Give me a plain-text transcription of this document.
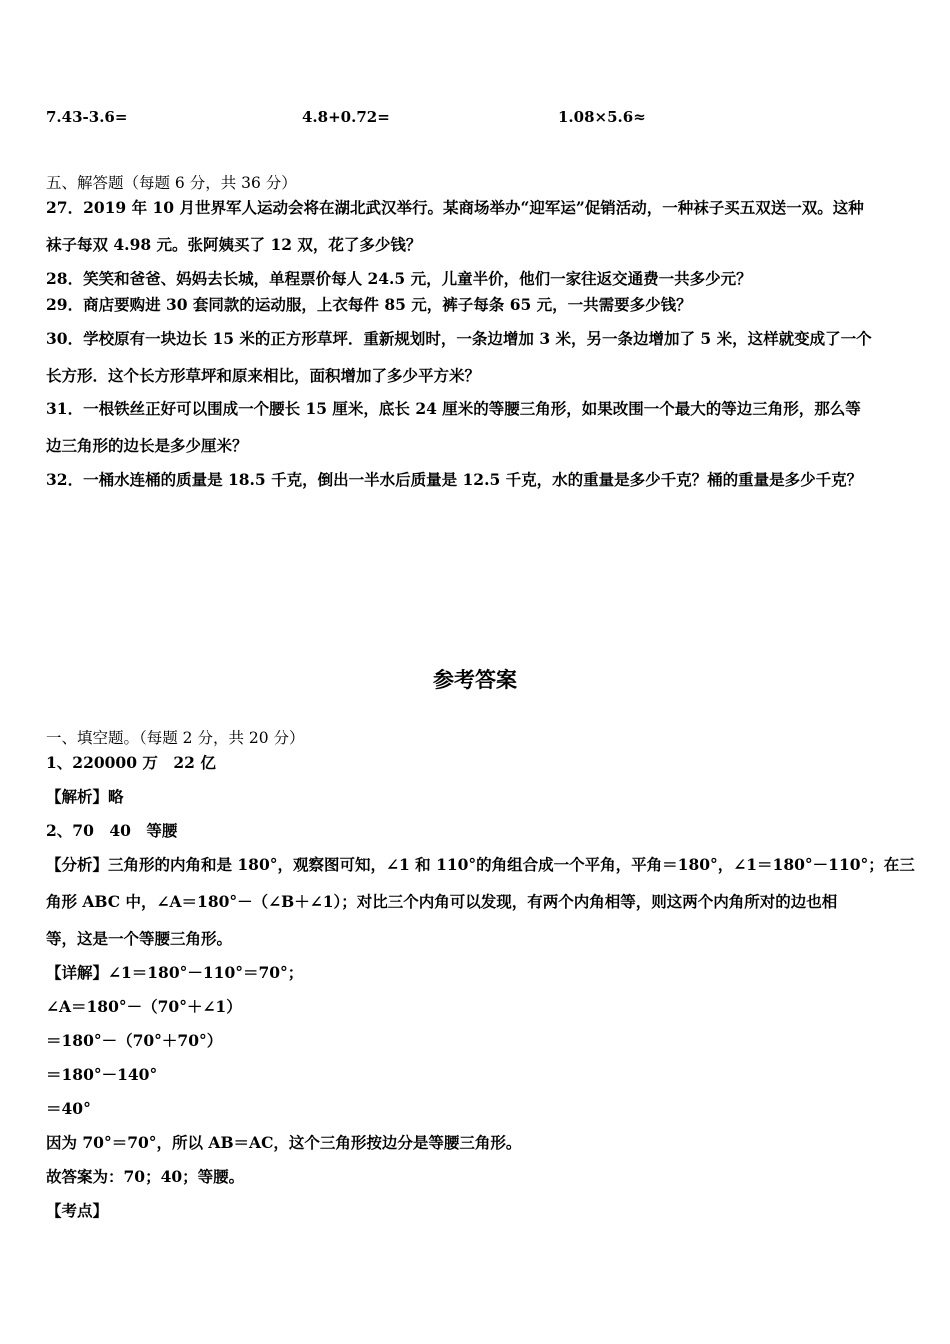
7.43-3.6=	4.8+0.72=	1.08×5.6≈
五、解答题（每题 6 分，共 36 分）
27．2019 年 10 月世界军人运动会将在湖北武汉举行。某商场举办“迎军运”促销活动，一种袜子买五双送一双。这种
袜子每双 4.98 元。张阿姨买了 12 双，花了多少钱？
28．笑笑和爸爸、妈妈去长城，单程票价每人 24.5 元，儿童半价，他们一家往返交通费一共多少元？
29．商店要购进 30 套同款的运动服，上衣每件 85 元，裤子每条 65 元，一共需要多少钱？
30．学校原有一块边长 15 米的正方形草坪．重新规划时，一条边增加 3 米，另一条边增加了 5 米，这样就变成了一个
长方形．这个长方形草坪和原来相比，面积增加了多少平方米？
31．一根铁丝正好可以围成一个腰长 15 厘米，底长 24 厘米的等腰三角形，如果改围一个最大的等边三角形，那么等
边三角形的边长是多少厘米？
32．一桶水连桶的质量是 18.5 千克，倒出一半水后质量是 12.5 千克，水的重量是多少千克？桶的重量是多少千克？
参考答案
一、填空题。（每题 2 分，共 20 分）
1、220000 万　22 亿
【解析】略
2、70　40　等腰
【分析】三角形的内角和是 180°，观察图可知，∠1 和 110°的角组合成一个平角，平角＝180°，∠1＝180°－110°；在三
角形 ABC 中，∠A＝180°－（∠B＋∠1）；对比三个内角可以发现，有两个内角相等，则这两个内角所对的边也相
等，这是一个等腰三角形。
【详解】∠1＝180°－110°＝70°；
∠A＝180°－（70°＋∠1）
＝180°－（70°＋70°）
＝180°－140°
＝40°
因为 70°＝70°，所以 AB＝AC，这个三角形按边分是等腰三角形。
故答案为：70；40；等腰。
【考点】
